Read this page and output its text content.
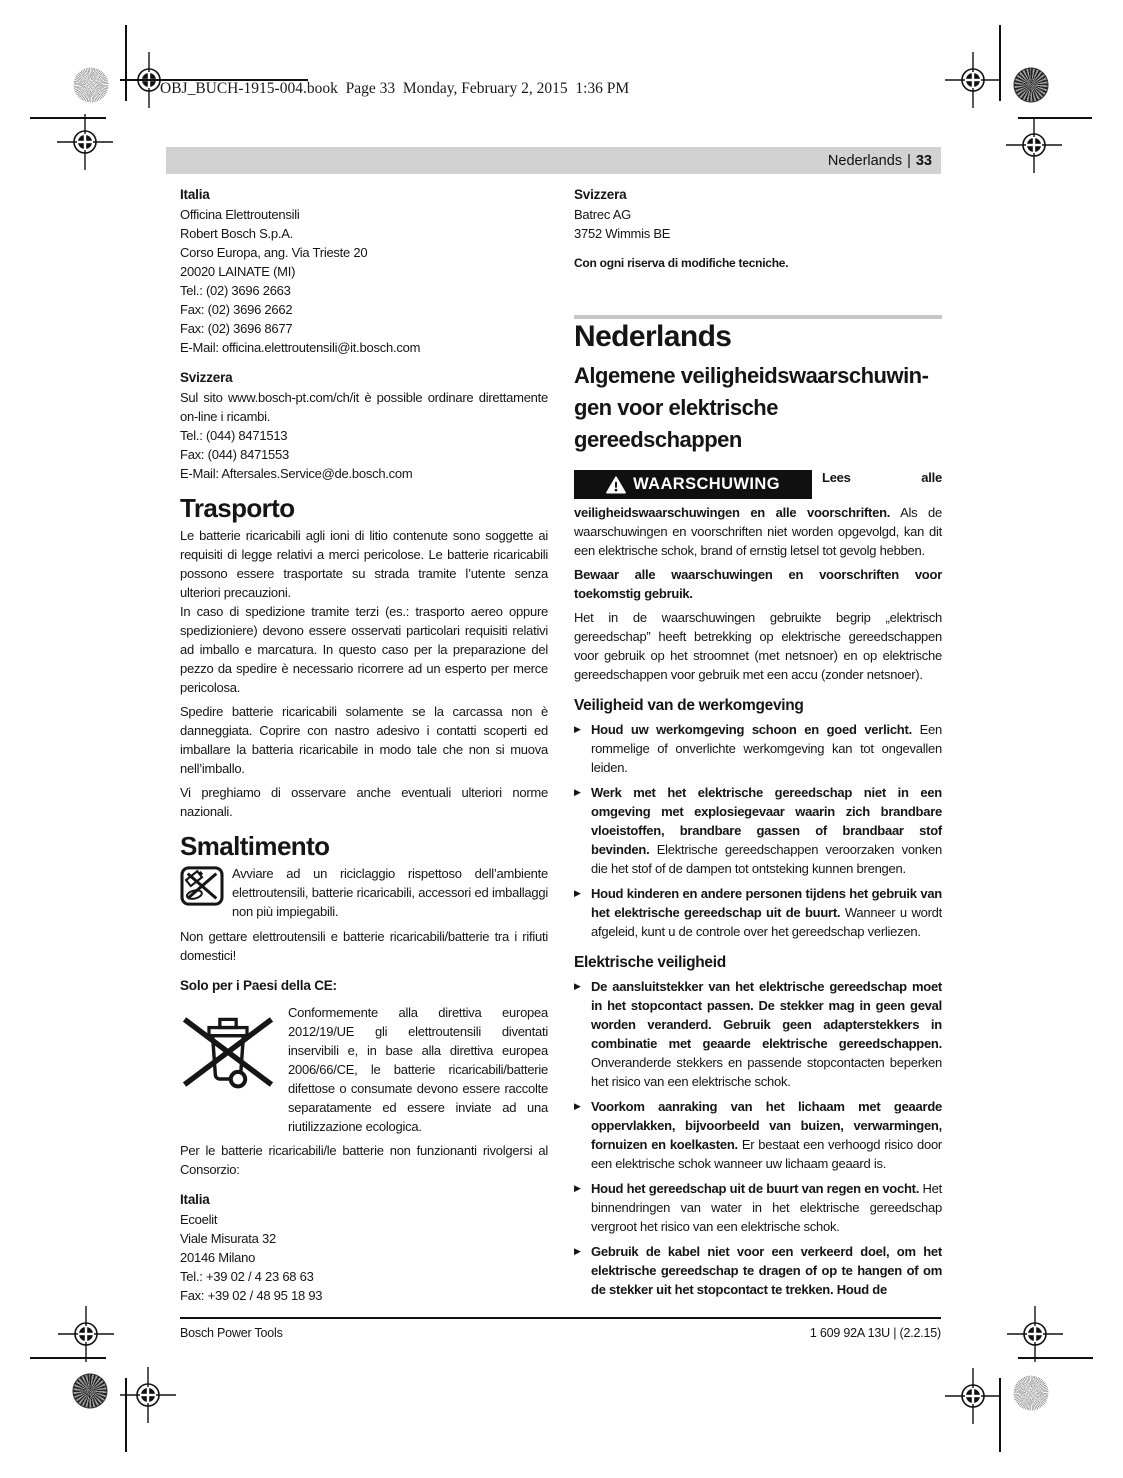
OBJ_BUCH-1915-004.book  Page 33  Monday, February 2, 2015  1:36 PM
Nederlands | 33
Italia
Officina Elettroutensili
Robert Bosch S.p.A.
Corso Europa, ang. Via Trieste 20
20020 LAINATE (MI)
Tel.: (02) 3696 2663
Fax: (02) 3696 2662
Fax: (02) 3696 8677
E-Mail: officina.elettroutensili@it.bosch.com
Svizzera

Sul sito www.bosch-pt.com/ch/it è possible ordinare direttamente on-line i ricambi.

Tel.: (044) 8471513
Fax: (044) 8471553
E-Mail: Aftersales.Service@de.bosch.com
Trasporto

Le batterie ricaricabili agli ioni di litio contenute sono soggette ai requisiti di legge relativi a merci pericolose. Le batterie ricaricabili possono essere trasportate su strada tramite l’utente senza ulteriori precauzioni.

In caso di spedizione tramite terzi (es.: trasporto aereo oppure spedizioniere) devono essere osservati particolari requisiti relativi ad imballo e marcatura. In questo caso per la preparazione del pezzo da spedire è necessario ricorrere ad un esperto per merce pericolosa.

Spedire batterie ricaricabili solamente se la carcassa non è danneggiata. Coprire con nastro adesivo i contatti scoperti ed imballare la batteria ricaricabile in modo tale che non si muova nell’imballo.

Vi preghiamo di osservare anche eventuali ulteriori norme nazionali.

Smaltimento
Avviare ad un riciclaggio rispettoso dell’ambiente elettroutensili, batterie ricaricabili, accessori ed imballaggi non più impiegabili.

Non gettare elettroutensili e batterie ricaricabili/batterie tra i rifiuti domestici!

Solo per i Paesi della CE:
Conformemente alla direttiva europea 2012/19/UE gli elettroutensili diventati inservibili e, in base alla direttiva europea 2006/66/CE, le batterie ricaricabili/batterie difettose o consumate devono essere raccolte separatamente ed essere inviate ad una riutilizzazione ecologica.

Per le batterie ricaricabili/le batterie non funzionanti rivolgersi al Consorzio:

Italia
Ecoelit
Viale Misurata 32
20146 Milano
Tel.: +39 02 / 4 23 68 63
Fax: +39 02 / 48 95 18 93
Svizzera
Batrec AG
3752 Wimmis BE
Con ogni riserva di modifiche tecniche.
Nederlands
Algemene veiligheidswaarschuwin-
gen voor elektrische gereedschappen

WAARSCHUWING	Lees alle veiligheidswaarschuwingen en alle voorschriften. Als de waarschuwingen en voorschriften niet worden opgevolgd, kan dit een elektrische schok, brand of ernstig letsel tot gevolg hebben.

Bewaar alle waarschuwingen en voorschriften voor toekomstig gebruik.

Het in de waarschuwingen gebruikte begrip „elektrisch gereedschap” heeft betrekking op elektrische gereedschappen voor gebruik op het stroomnet (met netsnoer) en op elektrische gereedschappen voor gebruik met een accu (zonder netsnoer).

Veiligheid van de werkomgeving
▶ Houd uw werkomgeving schoon en goed verlicht. Een rommelige of onverlichte werkomgeving kan tot ongevallen leiden.
▶ Werk met het elektrische gereedschap niet in een omgeving met explosiegevaar waarin zich brandbare vloeistoffen, brandbare gassen of brandbaar stof bevinden. Elektrische gereedschappen veroorzaken vonken die het stof of de dampen tot ontsteking kunnen brengen.
▶ Houd kinderen en andere personen tijdens het gebruik van het elektrische gereedschap uit de buurt. Wanneer u wordt afgeleid, kunt u de controle over het gereedschap verliezen.
Elektrische veiligheid
▶ De aansluitstekker van het elektrische gereedschap moet in het stopcontact passen. De stekker mag in geen geval worden veranderd. Gebruik geen adapterstekkers in combinatie met geaarde elektrische gereedschappen. Onveranderde stekkers en passende stopcontacten beperken het risico van een elektrische schok.
▶ Voorkom aanraking van het lichaam met geaarde oppervlakken, bijvoorbeeld van buizen, verwarmingen, fornuizen en koelkasten. Er bestaat een verhoogd risico door een elektrische schok wanneer uw lichaam geaard is.
▶ Houd het gereedschap uit de buurt van regen en vocht. Het binnendringen van water in het elektrische gereedschap vergroot het risico van een elektrische schok.
▶ Gebruik de kabel niet voor een verkeerd doel, om het elektrische gereedschap te dragen of op te hangen of om de stekker uit het stopcontact te trekken. Houd de
Bosch Power Tools	1 609 92A 13U | (2.2.15)
